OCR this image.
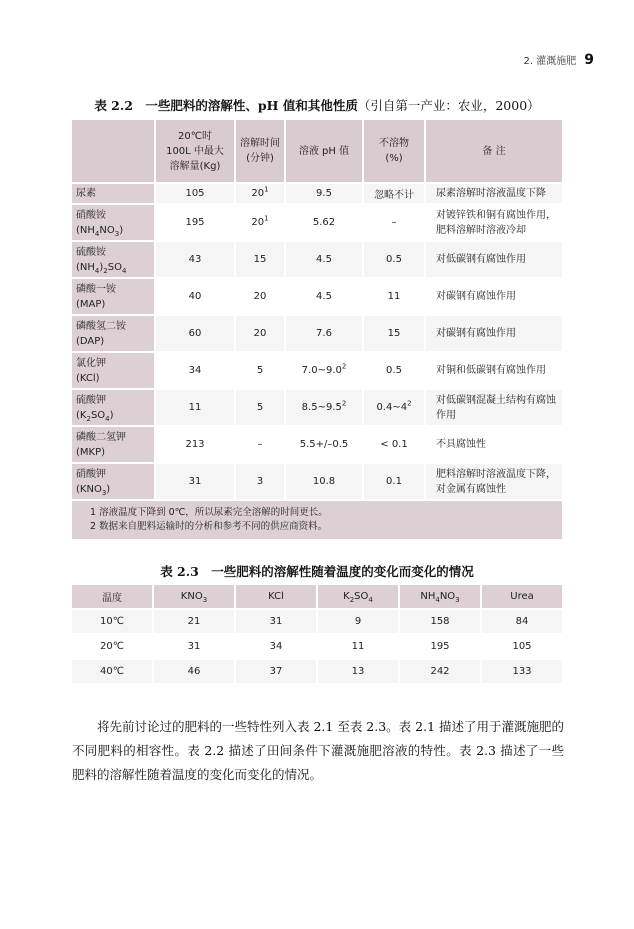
2. 灌溉施肥 9
表 2.2　一些肥料的溶解性、pH 值和其他性质（引自第一产业：农业，2000）
	20℃时
100L 中最大
溶解量(Kg)	溶解时间
(分钟)	溶液 pH 值	不溶物
(%)	备 注
尿素	105	$20^1$	9.5	忽略不计	尿素溶解时溶液温度下降
硝酸铵
$(NH_4NO_3)$	195	$20^1$	5.62	–	对镀锌铁和铜有腐蚀作用，肥料溶解时溶液冷却
硫酸铵
$(NH_4)_2SO_4$	43	15	4.5	0.5	对低碳钢有腐蚀作用
磷酸一铵
(MAP)	40	20	4.5	11	对碳钢有腐蚀作用
磷酸氢二铵
(DAP)	60	20	7.6	15	对碳钢有腐蚀作用
氯化钾
(KCl)	34	5	$7.0\sim 9.0^2$	0.5	对铜和低碳钢有腐蚀作用
硫酸钾
$(K_2SO_4)$	11	5	$8.5\sim 9.5^2$	$0.4\sim 4^2$	对低碳钢混凝土结构有腐蚀作用
磷酸二氢钾
(MKP)	213	–	5.5+/–0.5	< 0.1	不具腐蚀性
硝酸钾
$(KNO_3)$	31	3	10.8	0.1	肥料溶解时溶液温度下降，对金属有腐蚀性
1 溶液温度下降到 0℃，所以尿素完全溶解的时间更长。
2 数据来自肥料运输时的分析和参考不同的供应商资料。					
表 2.3　一些肥料的溶解性随着温度的变化而变化的情况
温度	$KNO_3$	KCl	$K_2SO_4$	$NH_4NO_3$	Urea
10℃	21	31	9	158	84
20℃	31	34	11	195	105
40℃	46	37	13	242	133

将先前讨论过的肥料的一些特性列入表 2.1 至表 2.3。表 2.1 描述了用于灌溉施肥的不同肥料的相容性。表 2.2 描述了田间条件下灌溉施肥溶液的特性。表 2.3 描述了一些肥料的溶解性随着温度的变化而变化的情况。
